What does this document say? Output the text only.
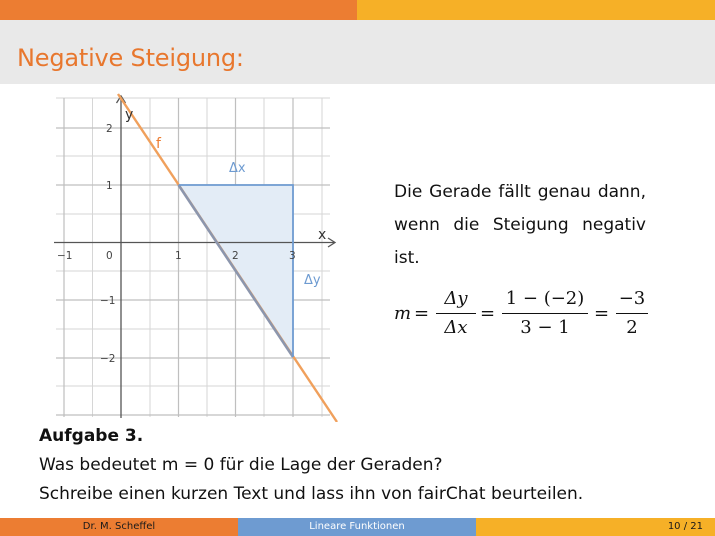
Negative Steigung:
−1	0	1	2	3
2
1
−1
−2
x
y
f
Δx
Δy
Die Gerade fällt genau dann, wenn die Steigung negativ ist.
m =
Δy
Δx
=
1 − (−2)
3 − 1
=
−3
2
Aufgabe 3.
Was bedeutet m = 0 für die Lage der Geraden?
Schreibe einen kurzen Text und lass ihn von fairChat beurteilen.
Dr. M. Scheffel	Lineare Funktionen	10 / 21
